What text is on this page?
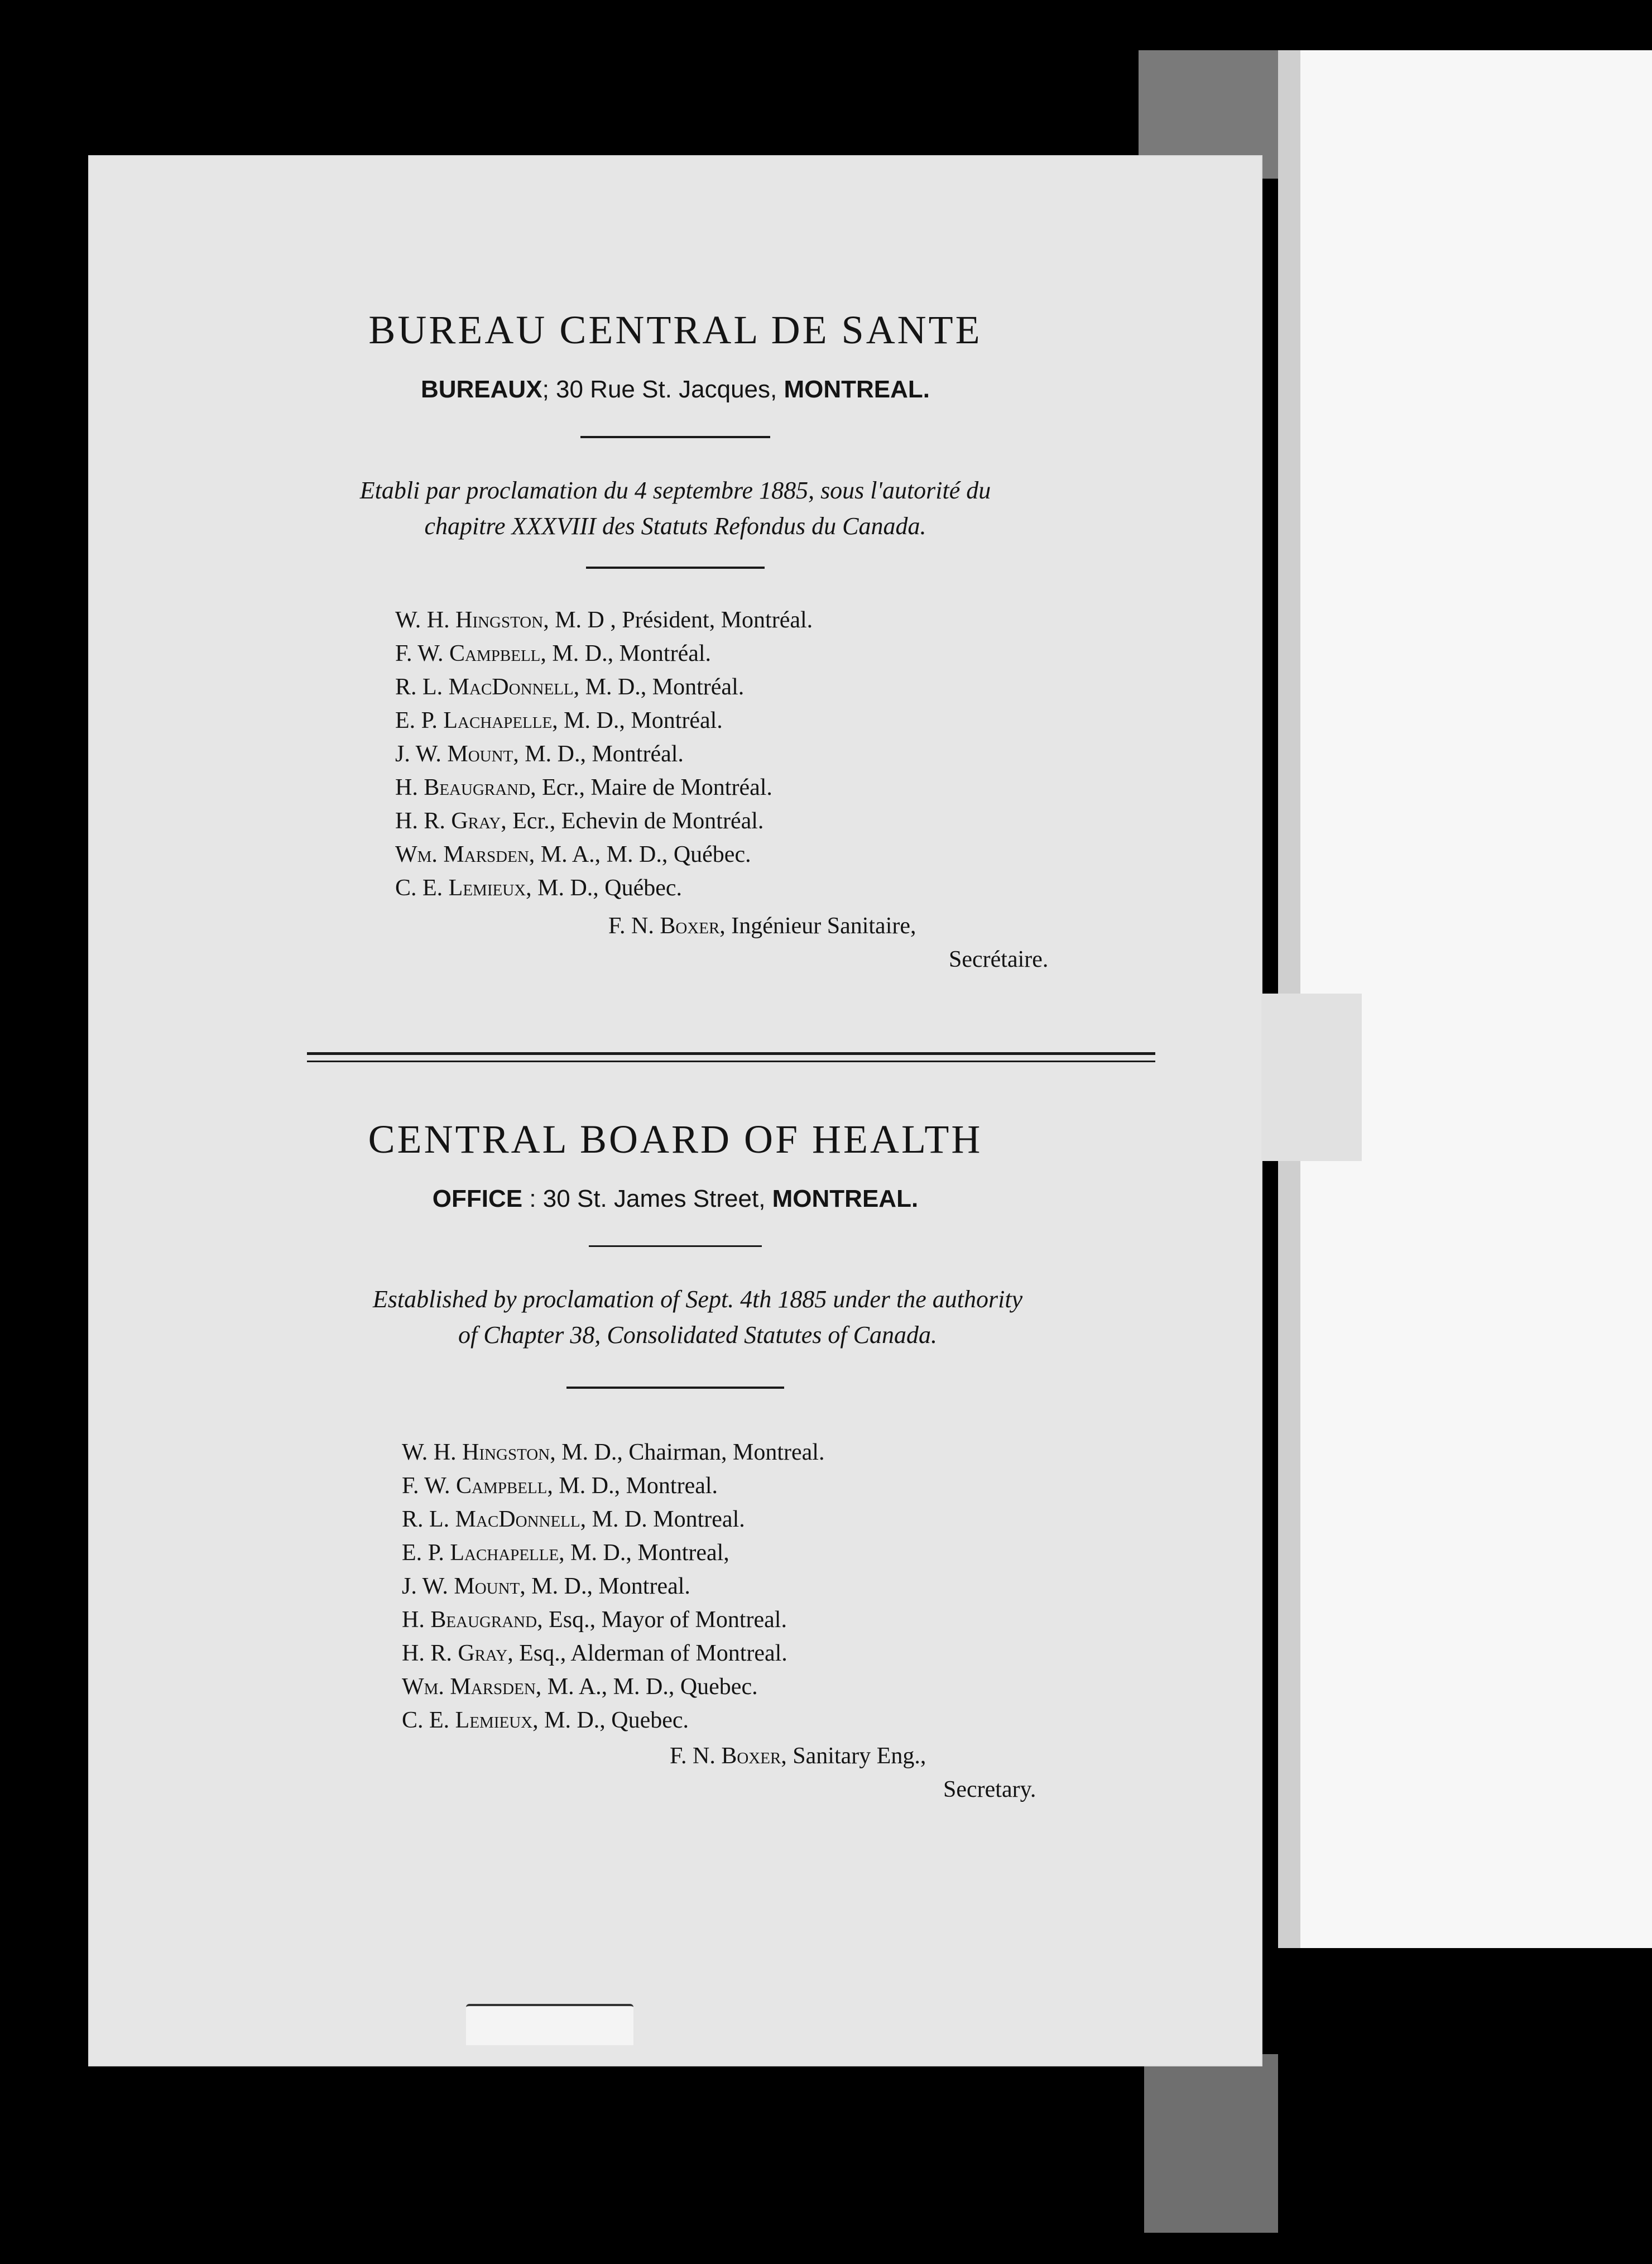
BUREAU CENTRAL DE SANTE
BUREAUX; 30 Rue St. Jacques, MONTREAL.
Etabli par proclamation du 4 septembre 1885, sous l'autorité du
chapitre XXXVIII des Statuts Refondus du Canada.
W. H. Hingston, M. D , Président, Montréal.
F. W. Campbell, M. D., Montréal.
R. L. MacDonnell, M. D., Montréal.
E. P. Lachapelle, M. D., Montréal.
J. W. Mount, M. D., Montréal.
H. Beaugrand, Ecr., Maire de Montréal.
H. R. Gray, Ecr., Echevin de Montréal.
Wm. Marsden, M. A., M. D., Québec.
C. E. Lemieux, M. D., Québec.
F. N. Boxer, Ingénieur Sanitaire,
Secrétaire.
CENTRAL BOARD OF HEALTH
OFFICE : 30 St. James Street, MONTREAL.
Established by proclamation of Sept. 4th 1885 under the authority
of Chapter 38, Consolidated Statutes of Canada.
W. H. Hingston, M. D., Chairman, Montreal.
F. W. Campbell, M. D., Montreal.
R. L. MacDonnell, M. D. Montreal.
E. P. Lachapelle, M. D., Montreal,
J. W. Mount, M. D., Montreal.
H. Beaugrand, Esq., Mayor of Montreal.
H. R. Gray, Esq., Alderman of Montreal.
Wm. Marsden, M. A., M. D., Quebec.
C. E. Lemieux, M. D., Quebec.
F. N. Boxer, Sanitary Eng.,
Secretary.
